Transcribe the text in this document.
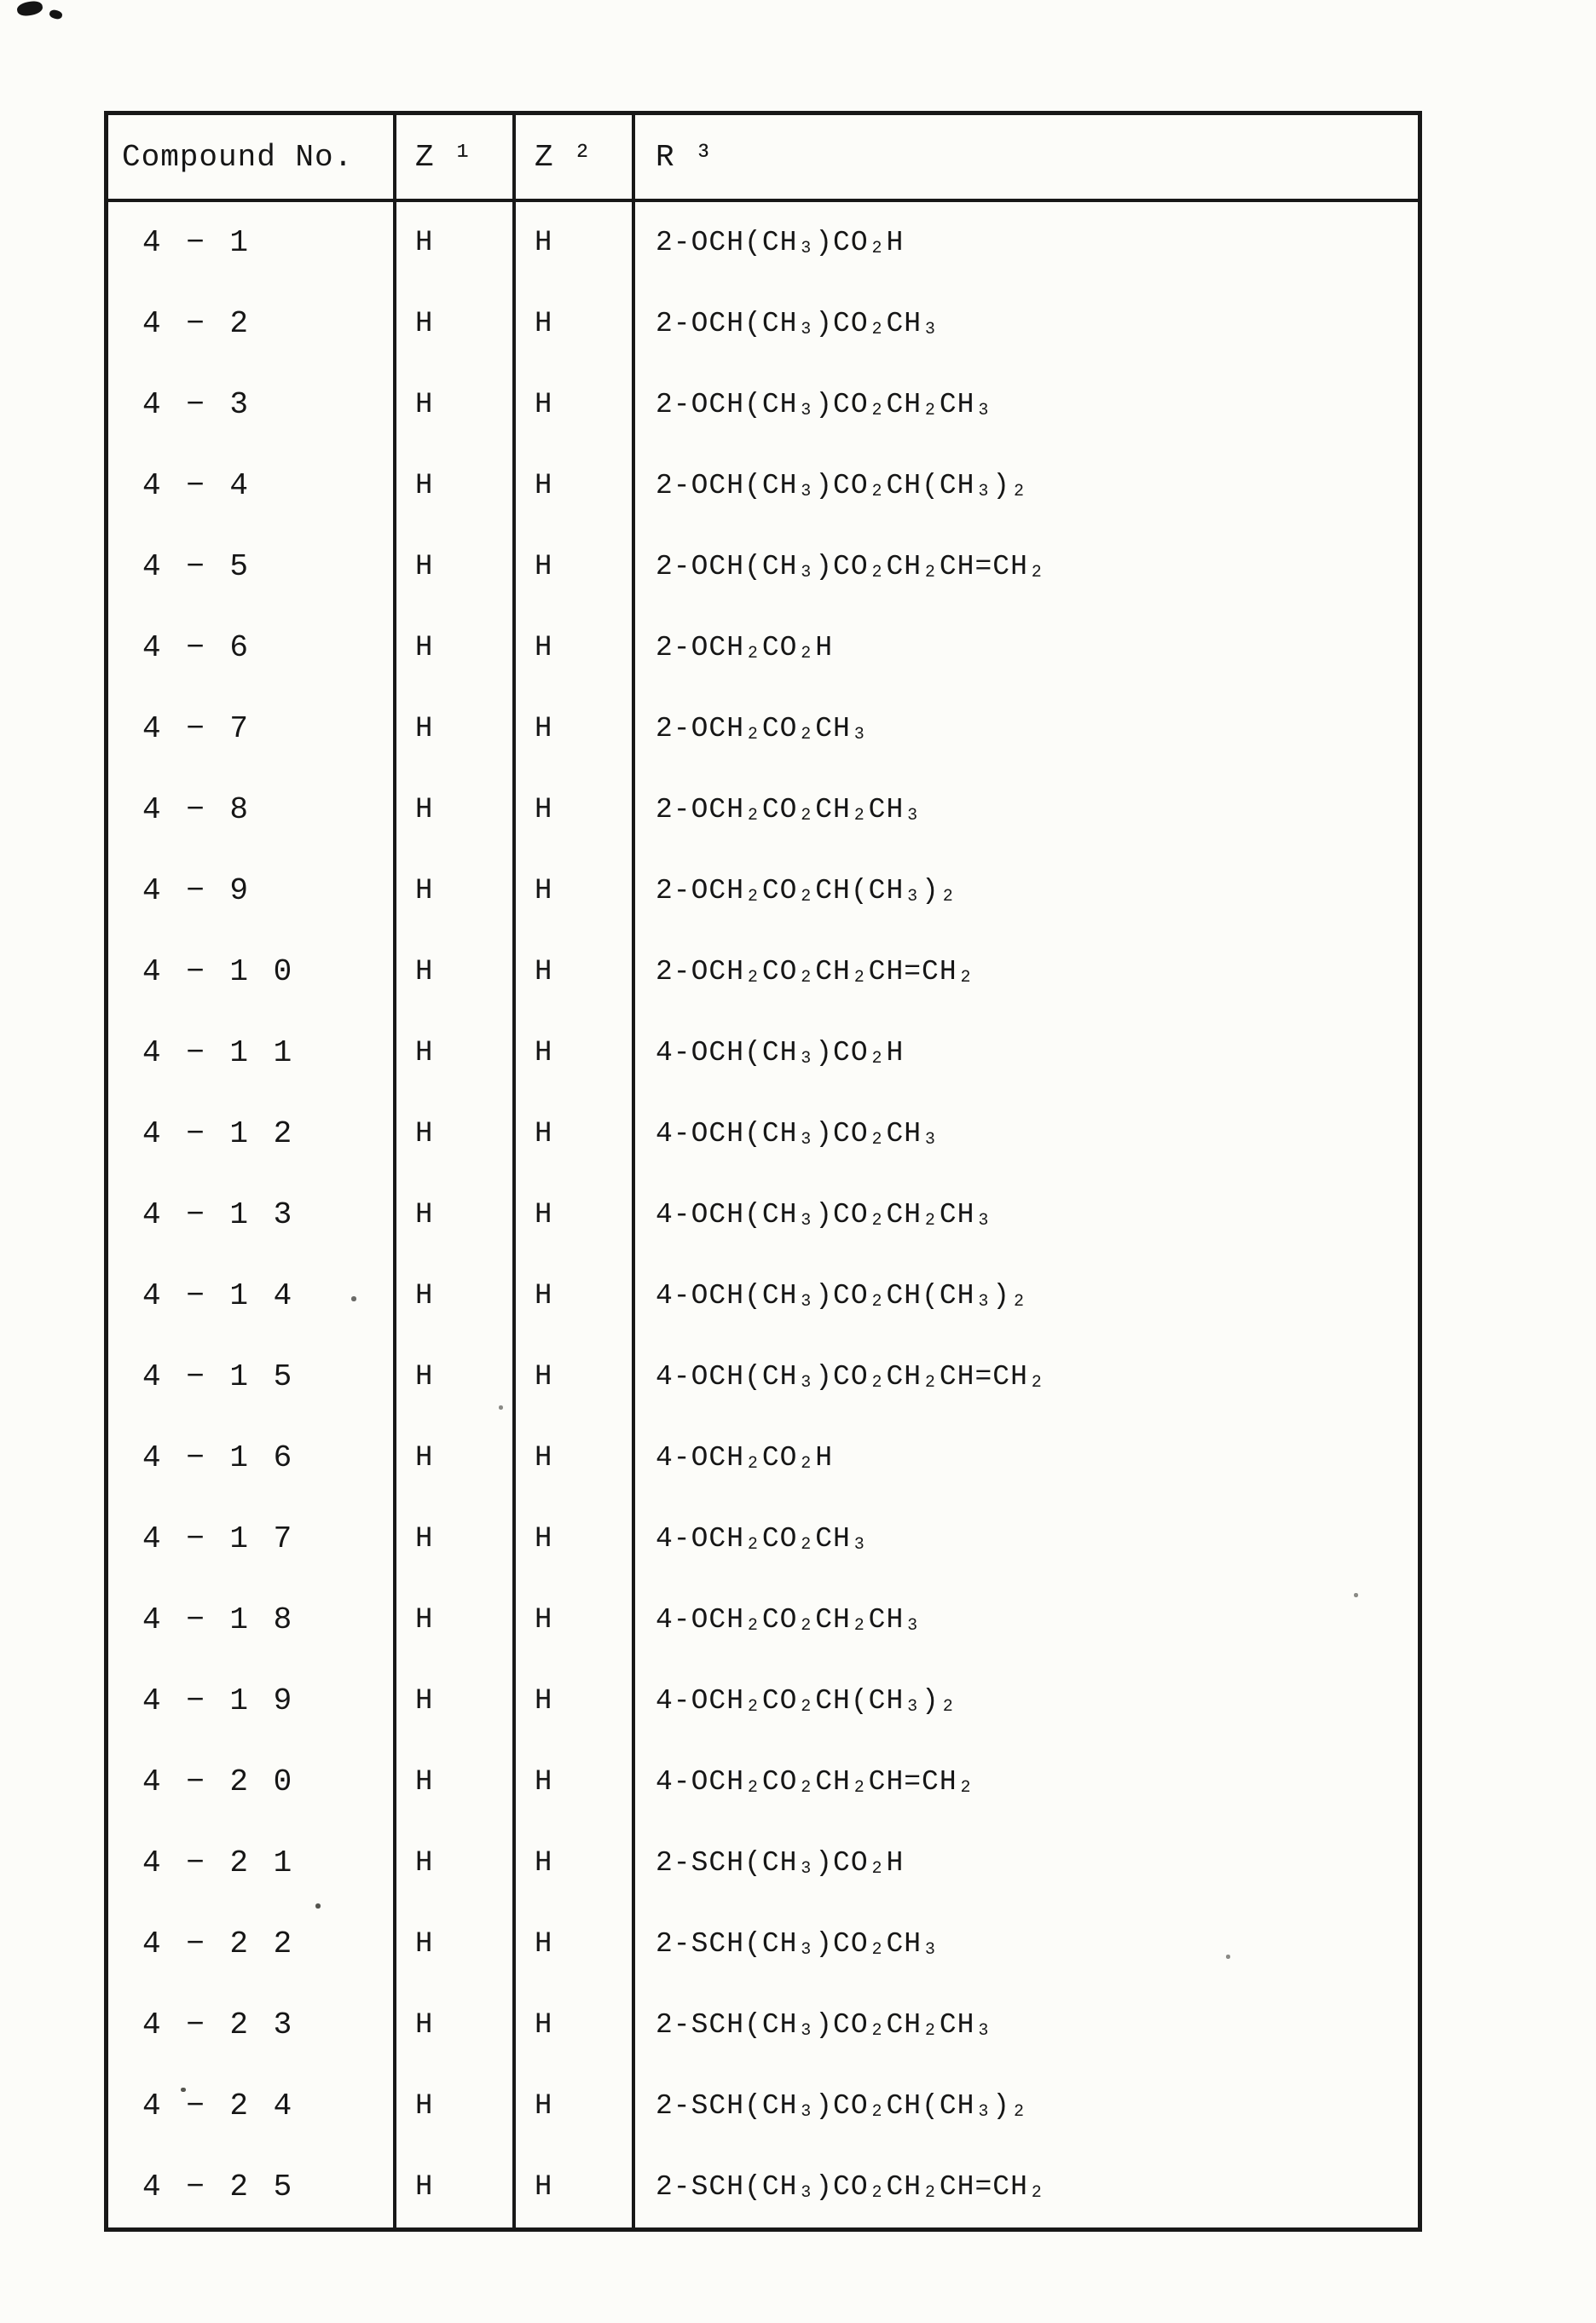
Compound No.	Z ¹	Z ²	R ³
4 − 1	H	H	2-OCH(CH₃)CO₂H
4 − 2	H	H	2-OCH(CH₃)CO₂CH₃
4 − 3	H	H	2-OCH(CH₃)CO₂CH₂CH₃
4 − 4	H	H	2-OCH(CH₃)CO₂CH(CH₃)₂
4 − 5	H	H	2-OCH(CH₃)CO₂CH₂CH=CH₂
4 − 6	H	H	2-OCH₂CO₂H
4 − 7	H	H	2-OCH₂CO₂CH₃
4 − 8	H	H	2-OCH₂CO₂CH₂CH₃
4 − 9	H	H	2-OCH₂CO₂CH(CH₃)₂
4 − 1 0	H	H	2-OCH₂CO₂CH₂CH=CH₂
4 − 1 1	H	H	4-OCH(CH₃)CO₂H
4 − 1 2	H	H	4-OCH(CH₃)CO₂CH₃
4 − 1 3	H	H	4-OCH(CH₃)CO₂CH₂CH₃
4 − 1 4	H	H	4-OCH(CH₃)CO₂CH(CH₃)₂
4 − 1 5	H	H	4-OCH(CH₃)CO₂CH₂CH=CH₂
4 − 1 6	H	H	4-OCH₂CO₂H
4 − 1 7	H	H	4-OCH₂CO₂CH₃
4 − 1 8	H	H	4-OCH₂CO₂CH₂CH₃
4 − 1 9	H	H	4-OCH₂CO₂CH(CH₃)₂
4 − 2 0	H	H	4-OCH₂CO₂CH₂CH=CH₂
4 − 2 1	H	H	2-SCH(CH₃)CO₂H
4 − 2 2	H	H	2-SCH(CH₃)CO₂CH₃
4 − 2 3	H	H	2-SCH(CH₃)CO₂CH₂CH₃
4 − 2 4	H	H	2-SCH(CH₃)CO₂CH(CH₃)₂
4 − 2 5	H	H	2-SCH(CH₃)CO₂CH₂CH=CH₂
